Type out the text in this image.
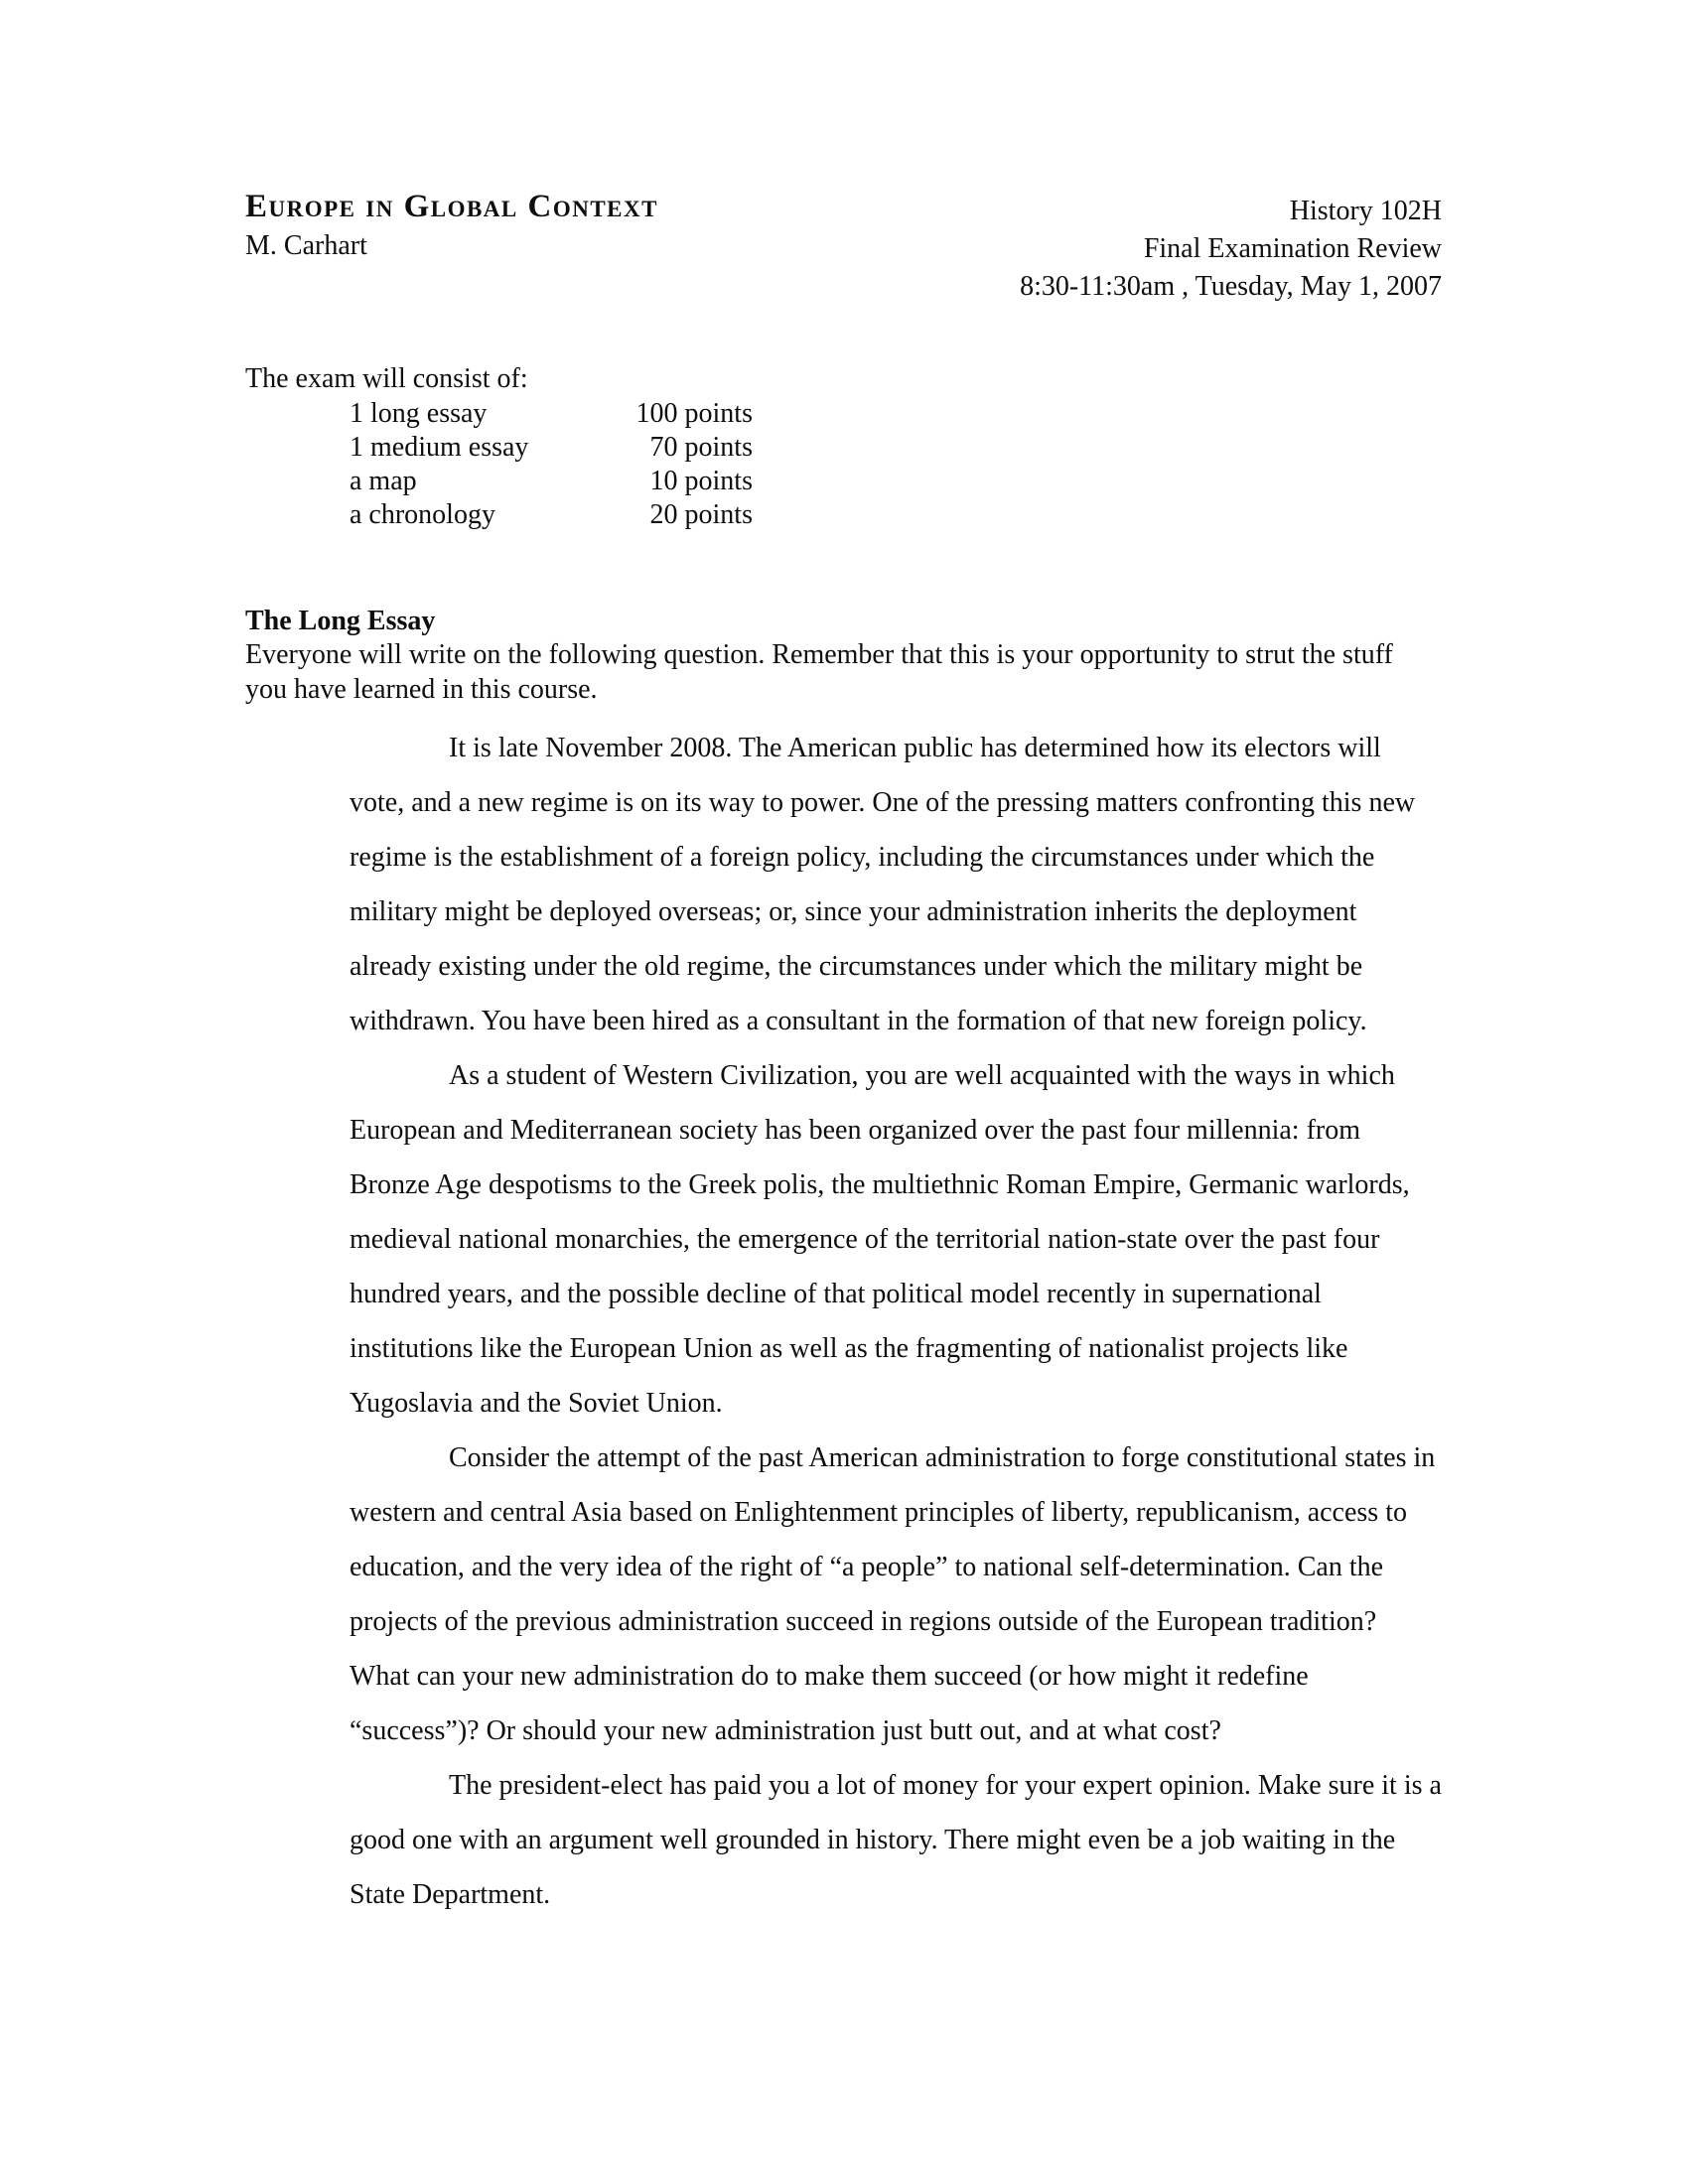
Europe in Global Context
M. Carhart
History 102H
Final Examination Review
8:30-11:30am , Tuesday, May 1, 2007
The exam will consist of:
1 long essay	100 points
1 medium essay	70 points
a map	10 points
a chronology	20 points
The Long Essay
Everyone will write on the following question. Remember that this is your opportunity to strut the stuff you have learned in this course.

It is late November 2008. The American public has determined how its electors will vote, and a new regime is on its way to power. One of the pressing matters confronting this new regime is the establishment of a foreign policy, including the circumstances under which the military might be deployed overseas; or, since your administration inherits the deployment already existing under the old regime, the circumstances under which the military might be withdrawn. You have been hired as a consultant in the formation of that new foreign policy.

As a student of Western Civilization, you are well acquainted with the ways in which European and Mediterranean society has been organized over the past four millennia: from Bronze Age despotisms to the Greek polis, the multiethnic Roman Empire, Germanic warlords, medieval national monarchies, the emergence of the territorial nation-state over the past four hundred years, and the possible decline of that political model recently in supernational institutions like the European Union as well as the fragmenting of nationalist projects like Yugoslavia and the Soviet Union.

Consider the attempt of the past American administration to forge constitutional states in western and central Asia based on Enlightenment principles of liberty, republicanism, access to education, and the very idea of the right of “a people” to national self-determination. Can the projects of the previous administration succeed in regions outside of the European tradition? What can your new administration do to make them succeed (or how might it redefine “success”)? Or should your new administration just butt out, and at what cost?

The president-elect has paid you a lot of money for your expert opinion. Make sure it is a good one with an argument well grounded in history. There might even be a job waiting in the State Department.
